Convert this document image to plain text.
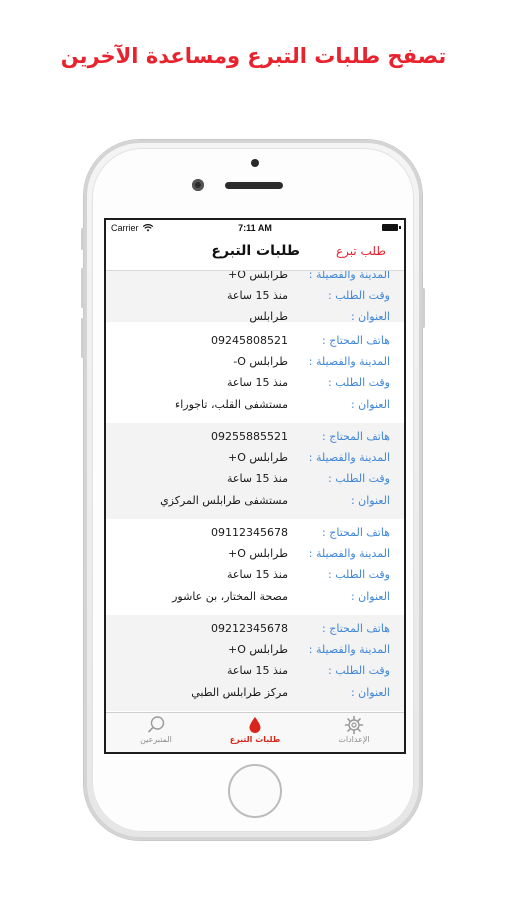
تصفح طلبات التبرع ومساعدة الآخرين
Carrier	7:11 AM
طلبات التبرع	طلب تبرع
المدينة والفصيلة :
طرابلس O+
وقت الطلب :
منذ 15 ساعة
العنوان :
طرابلس
هاتف المحتاج :
09245808521
المدينة والفصيلة :
طرابلس O-
وقت الطلب :
منذ 15 ساعة
العنوان :
مستشفى القلب، تاجوراء
هاتف المحتاج :
09255885521
المدينة والفصيلة :
طرابلس O+
وقت الطلب :
منذ 15 ساعة
العنوان :
مستشفى طرابلس المركزي
هاتف المحتاج :
09112345678
المدينة والفصيلة :
طرابلس O+
وقت الطلب :
منذ 15 ساعة
العنوان :
مصحة المختار، بن عاشور
هاتف المحتاج :
09212345678
المدينة والفصيلة :
طرابلس O+
وقت الطلب :
منذ 15 ساعة
العنوان :
مركز طرابلس الطبي
المتبرعين	طلبات التبرع	الإعدادات
